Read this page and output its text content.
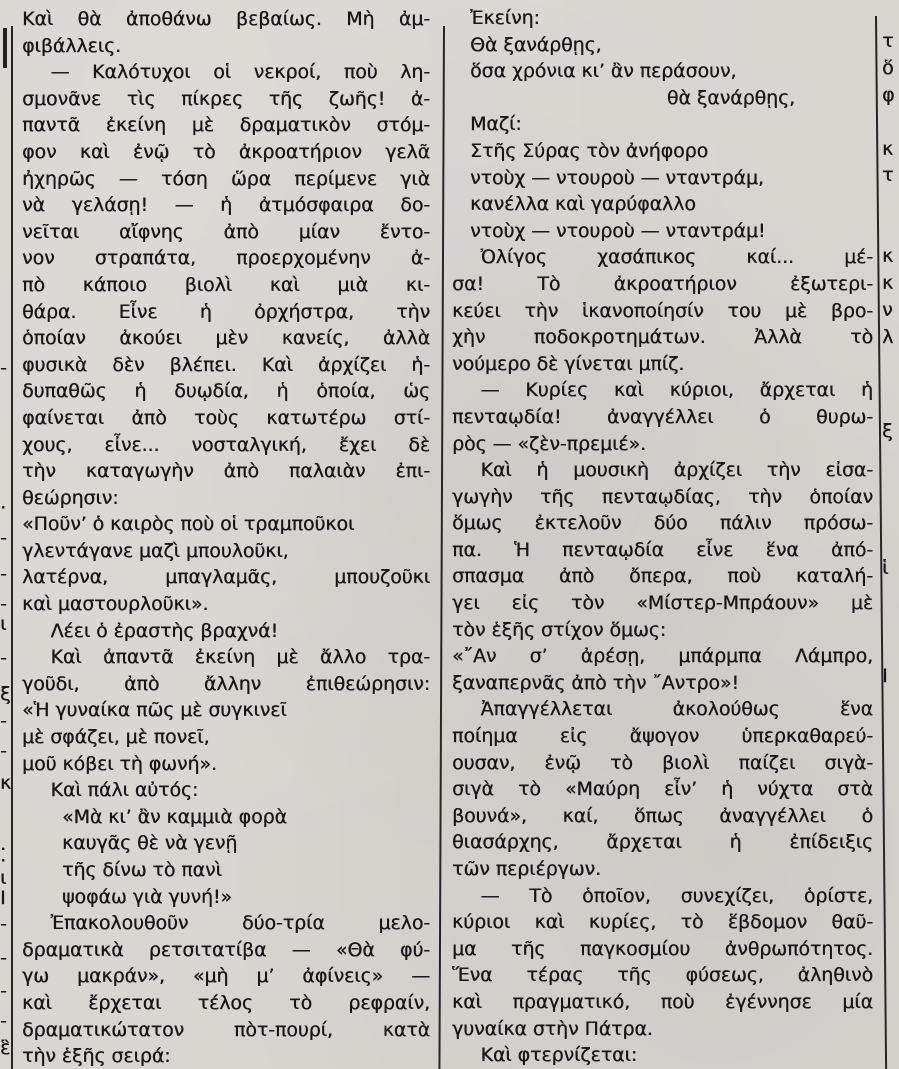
-
·
-
-
-
ι
-
ξ
-
-
κ
.
·
ι
Ι
-
-
-
-
ἓ
Καὶ θὰ ἀποθάνω βεβαίως. Μὴ ἀμ-
φιβάλλεις.
— Καλότυχοι οἱ νεκροί, ποὺ λη-
σμονᾶνε τὶς πίκρες τῆς ζωῆς! ἀ-
παντᾶ ἐκείνη μὲ δραματικὸν στόμ-
φον καὶ ἐνῷ τὸ ἀκροατήριον γελᾶ
ἠχηρῶς — τόση ὥρα περίμενε γιὰ
νὰ γελάσῃ! — ἡ ἀτμόσφαιρα δο-
νεῖται αἴφνης ἀπὸ μίαν ἔντο-
νον στραπάτα, προερχομένην ἀ-
πὸ κάποιο βιολὶ καὶ μιὰ κι-
θάρα. Εἶνε ἡ ὀρχήστρα, τὴν
ὁποίαν ἀκούει μὲν κανείς, ἀλλὰ
φυσικὰ δὲν βλέπει. Καὶ ἀρχίζει ἡ-
δυπαθῶς ἡ δυῳδία, ἡ ὁποία, ὡς
φαίνεται ἀπὸ τοὺς κατωτέρω στί-
χους, εἶνε... νοσταλγική, ἔχει δὲ
τὴν καταγωγὴν ἀπὸ παλαιὰν ἐπι-
θεώρησιν:
«Ποῦν’ ὁ καιρὸς ποὺ οἱ τραμποῦκοι
γλεντάγανε μαζὶ μπουλοῦκι,
λατέρνα, μπαγλαμᾶς, μπουζοῦκι
καὶ μαστουρλοῦκι».
Λέει ὁ ἐραστὴς βραχνά!
Καὶ ἀπαντᾶ ἐκείνη μὲ ἄλλο τρα-
γοῦδι, ἀπὸ ἄλλην ἐπιθεώρησιν:
«Ἡ γυναίκα πῶς μὲ συγκινεῖ
μὲ σφάζει, μὲ πονεῖ,
μοῦ κόβει τὴ φωνή».
Καὶ πάλι αὐτός:
«Μὰ κι’ ἂν καμμιὰ φορὰ
καυγᾶς θὲ νὰ γενῇ
τῆς δίνω τὸ πανὶ
ψοφάω γιὰ γυνή!»
Ἐπακολουθοῦν δύο-τρία μελο-
δραματικὰ ρετσιτατίβα — «Θὰ φύ-
γω μακράν», «μὴ μ’ ἀφίνεις» —
καὶ ἔρχεται τέλος τὸ ρεφραίν,
δραματικώτατον πὸτ-πουρί, κατὰ
τὴν ἑξῆς σειρά:
Ἐκείνη:
Θὰ ξανάρθῃς,
ὅσα χρόνια κι’ ἂν περάσουν,
θὰ ξανάρθῃς,
Μαζί:
Στῆς Σύρας τὸν ἀνήφορο
ντοὺχ — ντουροὺ — νταντράμ,
κανέλλα καὶ γαρύφαλλο
ντοὺχ — ντουροὺ — νταντράμ!
Ὀλίγος χασάπικος καί... μέ-
σα! Τὸ ἀκροατήριον ἐξωτερι-
κεύει τὴν ἱκανοποίησίν του μὲ βρο-
χὴν ποδοκροτημάτων. Ἀλλὰ τὸ
νούμερο δὲ γίνεται μπίζ.
— Κυρίες καὶ κύριοι, ἄρχεται ἡ
πενταῳδία! ἀναγγέλλει ὁ θυρω-
ρὸς — «ζὲν-πρεμιέ».
Καὶ ἡ μουσικὴ ἀρχίζει τὴν εἰσα-
γωγὴν τῆς πενταῳδίας, τὴν ὁποίαν
ὅμως ἐκτελοῦν δύο πάλιν πρόσω-
πα. Ἡ πενταῳδία εἶνε ἕνα ἀπό-
σπασμα ἀπὸ ὄπερα, ποὺ καταλή-
γει εἰς τὸν «Μίστερ-Μπράουν» μὲ
τὸν ἑξῆς στίχον ὅμως:
«῎Αν σ’ ἀρέσῃ, μπάρμπα Λάμπρο,
ξαναπερνᾶς ἀπὸ τὴν ῎Αντρο»!
Ἀπαγγέλλεται ἀκολούθως ἕνα
ποίημα εἰς ἄψογον ὑπερκαθαρεύ-
ουσαν, ἐνῷ τὸ βιολὶ παίζει σιγὰ-
σιγὰ τὸ «Μαύρη εἶν’ ἡ νύχτα στὰ
βουνά», καί, ὅπως ἀναγγέλλει ὁ
θιασάρχης, ἄρχεται ἡ ἐπίδειξις
τῶν περιέργων.
— Τὸ ὁποῖον, συνεχίζει, ὁρίστε,
κύριοι καὶ κυρίες, τὸ ἕβδομον θαῦ-
μα τῆς παγκοσμίου ἀνθρωπότητος.
Ἕνα τέρας τῆς φύσεως, ἀληθινὸ
καὶ πραγματικό, ποὺ ἐγέννησε μία
γυναίκα στὴν Πάτρα.
Καὶ φτερνίζεται:
τ
ὅ
φ
κ
τ
κ
κ
ν
λ
ξ
ἱ
Ι
